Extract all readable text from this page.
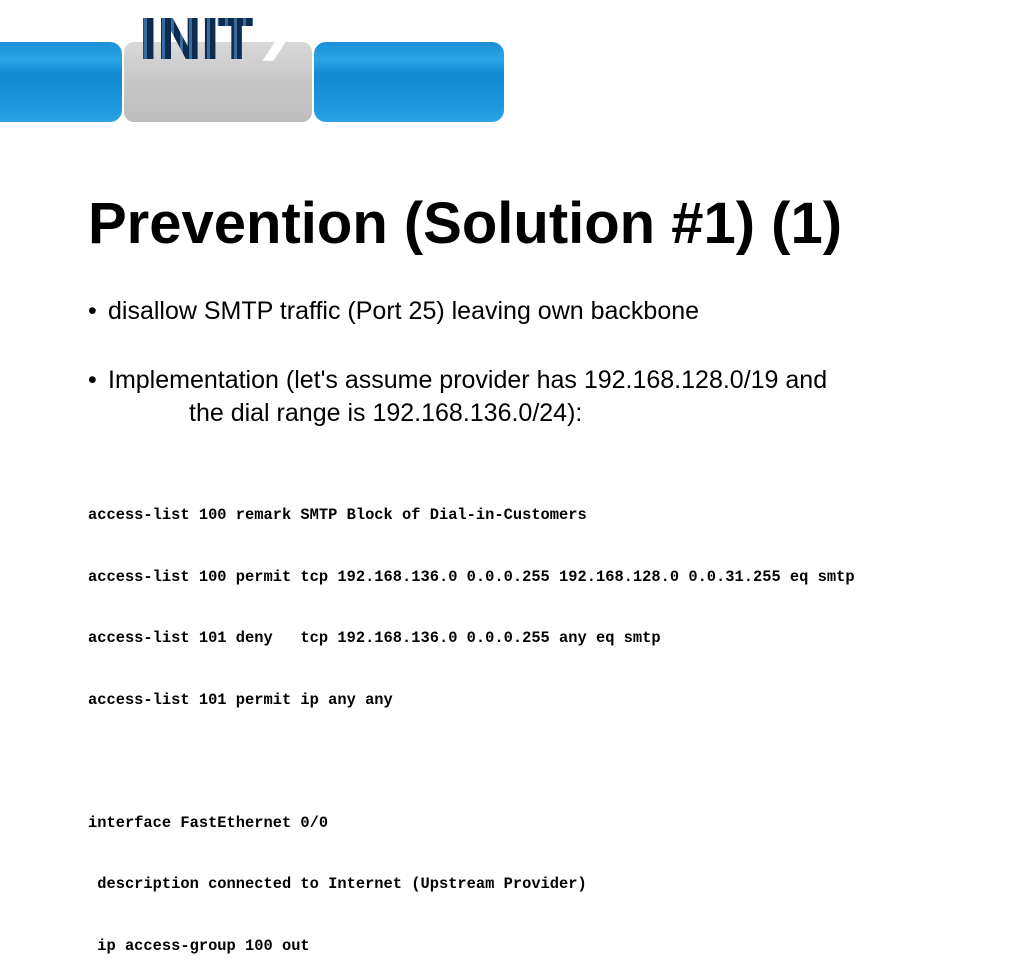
INIT 7
Prevention (Solution #1) (1)
• disallow SMTP traffic (Port 25) leaving own backbone
• Implementation (let's assume provider has 192.168.128.0/19 and
the dial range is 192.168.136.0/24):

access-list 100 remark SMTP Block of Dial-in-Customers

access-list 100 permit tcp 192.168.136.0 0.0.0.255 192.168.128.0 0.0.31.255 eq smtp

access-list 101 deny   tcp 192.168.136.0 0.0.0.255 any eq smtp

access-list 101 permit ip any any

interface FastEthernet 0/0

description connected to Internet (Upstream Provider)

ip access-group 100 out
